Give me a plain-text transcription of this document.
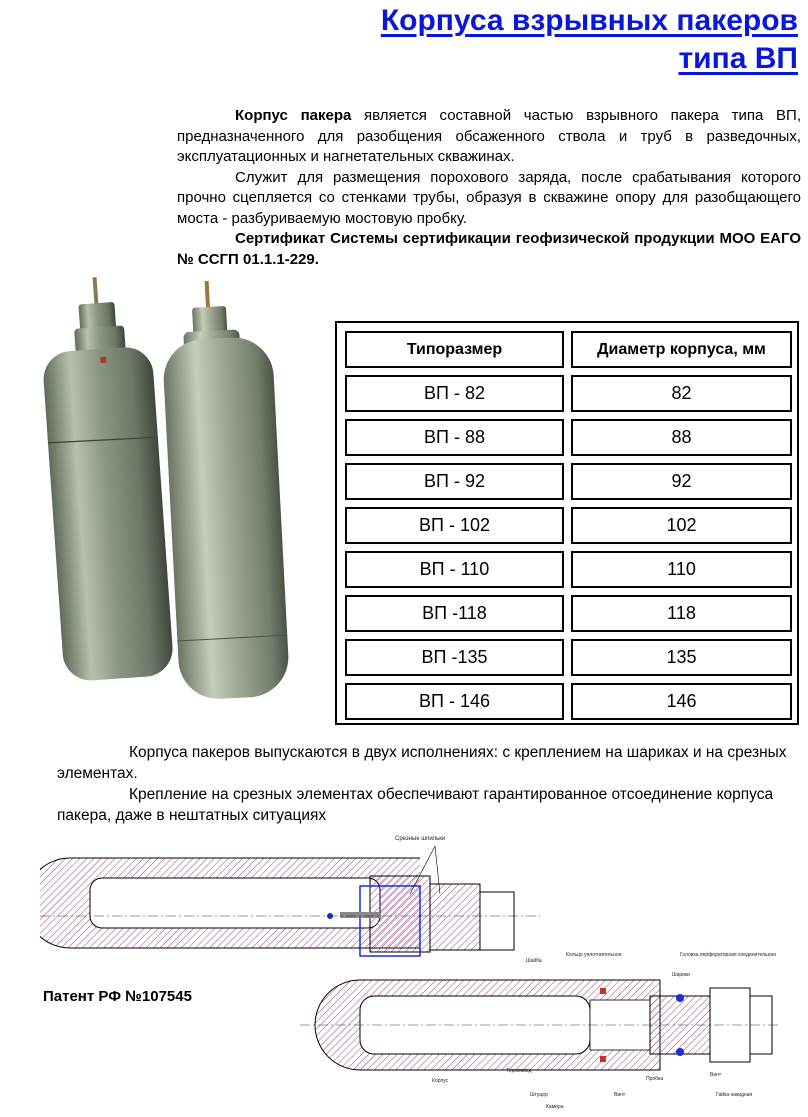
Корпуса взрывных пакеров
типа ВП

Корпус пакера является составной частью взрывного пакера типа ВП, предназначенного для разобщения обсаженного ствола и труб в разведочных, эксплуатационных и нагнетательных скважинах.

Служит для размещения порохового заряда, после срабатывания которого прочно сцепляется со стенками трубы, образуя в скважине опору для разобщающего моста - разбуриваемую мостовую пробку.

Сертификат Системы сертификации геофизической продукции МОО ЕАГО № ССГП 01.1.1-229.

Типоразмер	Диаметр корпуса, мм
ВП - 82	82
ВП - 88	88
ВП - 92	92
ВП - 102	102
ВП - 110	110
ВП -118	118
ВП -135	135
ВП - 146	146

Корпуса пакеров выпускаются в двух исполнениях: с креплением на шариках и на срезных элементах.

Крепление на срезных элементах обеспечивают гарантированное отсоединение корпуса пакера, даже в нештатных ситуациях

Срезные шпильки
Патент РФ №107545
Шайба
Кольцо уплотнительное	Головка перфораторная соединительная
Шарики
Корпус
Термоввод
Штуцер
Камера
Винт
Пробка
Винт
Гайка накидная
